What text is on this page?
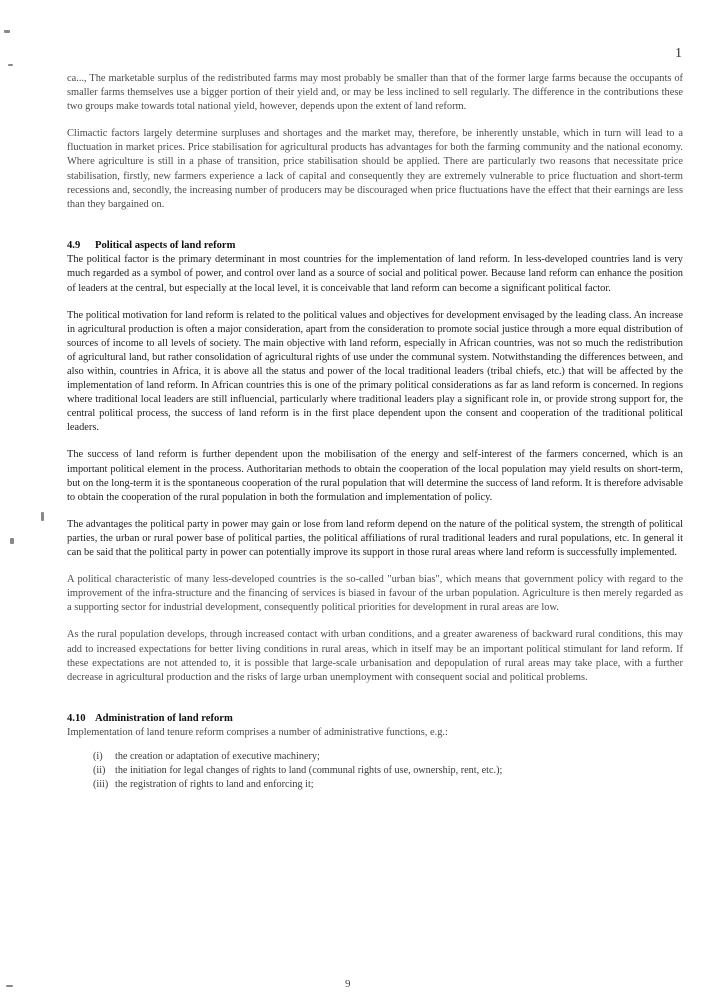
1

ca..., The marketable surplus of the redistributed farms may most probably be smaller than that of the former large farms because the occupants of smaller farms themselves use a bigger portion of their yield and, or may be less inclined to sell regularly. The difference in the contributions these two groups make towards total national yield, however, depends upon the extent of land reform.

Climactic factors largely determine surpluses and shortages and the market may, therefore, be inherently unstable, which in turn will lead to a fluctuation in market prices. Price stabilisation for agricultural products has advantages for both the farming community and the national economy. Where agriculture is still in a phase of transition, price stabilisation should be applied. There are particularly two reasons that necessitate price stabilisation, firstly, new farmers experience a lack of capital and consequently they are extremely vulnerable to price fluctuation and short-term recessions and, secondly, the increasing number of producers may be discouraged when price fluctuations have the effect that their earnings are less than they bargained on.

4.9 Political aspects of land reform

The political factor is the primary determinant in most countries for the implementation of land reform. In less-developed countries land is very much regarded as a symbol of power, and control over land as a source of social and political power. Because land reform can enhance the position of leaders at the central, but especially at the local level, it is conceivable that land reform can become a significant political factor.

The political motivation for land reform is related to the political values and objectives for development envisaged by the leading class. An increase in agricultural production is often a major consideration, apart from the consideration to promote social justice through a more equal distribution of sources of income to all levels of society. The main objective with land reform, especially in African countries, was not so much the redistribution of agricultural land, but rather consolidation of agricultural rights of use under the communal system. Notwithstanding the differences between, and also within, countries in Africa, it is above all the status and power of the local traditional leaders (tribal chiefs, etc.) that will be affected by the implementation of land reform. In African countries this is one of the primary political considerations as far as land reform is concerned. In regions where traditional local leaders are still influencial, particularly where traditional leaders play a significant role in, or provide strong support for, the central political process, the success of land reform is in the first place dependent upon the consent and cooperation of the traditional political leaders.

The success of land reform is further dependent upon the mobilisation of the energy and self-interest of the farmers concerned, which is an important political element in the process. Authoritarian methods to obtain the cooperation of the local population may yield results on short-term, but on the long-term it is the spontaneous cooperation of the rural population that will determine the success of land reform. It is therefore advisable to obtain the cooperation of the rural population in both the formulation and implementation of policy.

The advantages the political party in power may gain or lose from land reform depend on the nature of the political system, the strength of political parties, the urban or rural power base of political parties, the political affiliations of rural traditional leaders and rural populations, etc. In general it can be said that the political party in power can potentially improve its support in those rural areas where land reform is successfully implemented.

A political characteristic of many less-developed countries is the so-called "urban bias", which means that government policy with regard to the improvement of the infra-structure and the financing of services is biased in favour of the urban population. Agriculture is then merely regarded as a supporting sector for industrial development, consequently political priorities for development in rural areas are low.

As the rural population develops, through increased contact with urban conditions, and a greater awareness of backward rural conditions, this may add to increased expectations for better living conditions in rural areas, which in itself may be an important political stimulant for land reform. If these expectations are not attended to, it is possible that large-scale urbanisation and depopulation of rural areas may take place, with a further decrease in agricultural production and the risks of large urban unemployment with consequent social and political problems.

4.10 Administration of land reform

Implementation of land tenure reform comprises a number of administrative functions, e.g.:

(i) the creation or adaptation of executive machinery;
(ii) the initiation for legal changes of rights to land (communal rights of use, ownership, rent, etc.);
(iii) the registration of rights to land and enforcing it;
9
